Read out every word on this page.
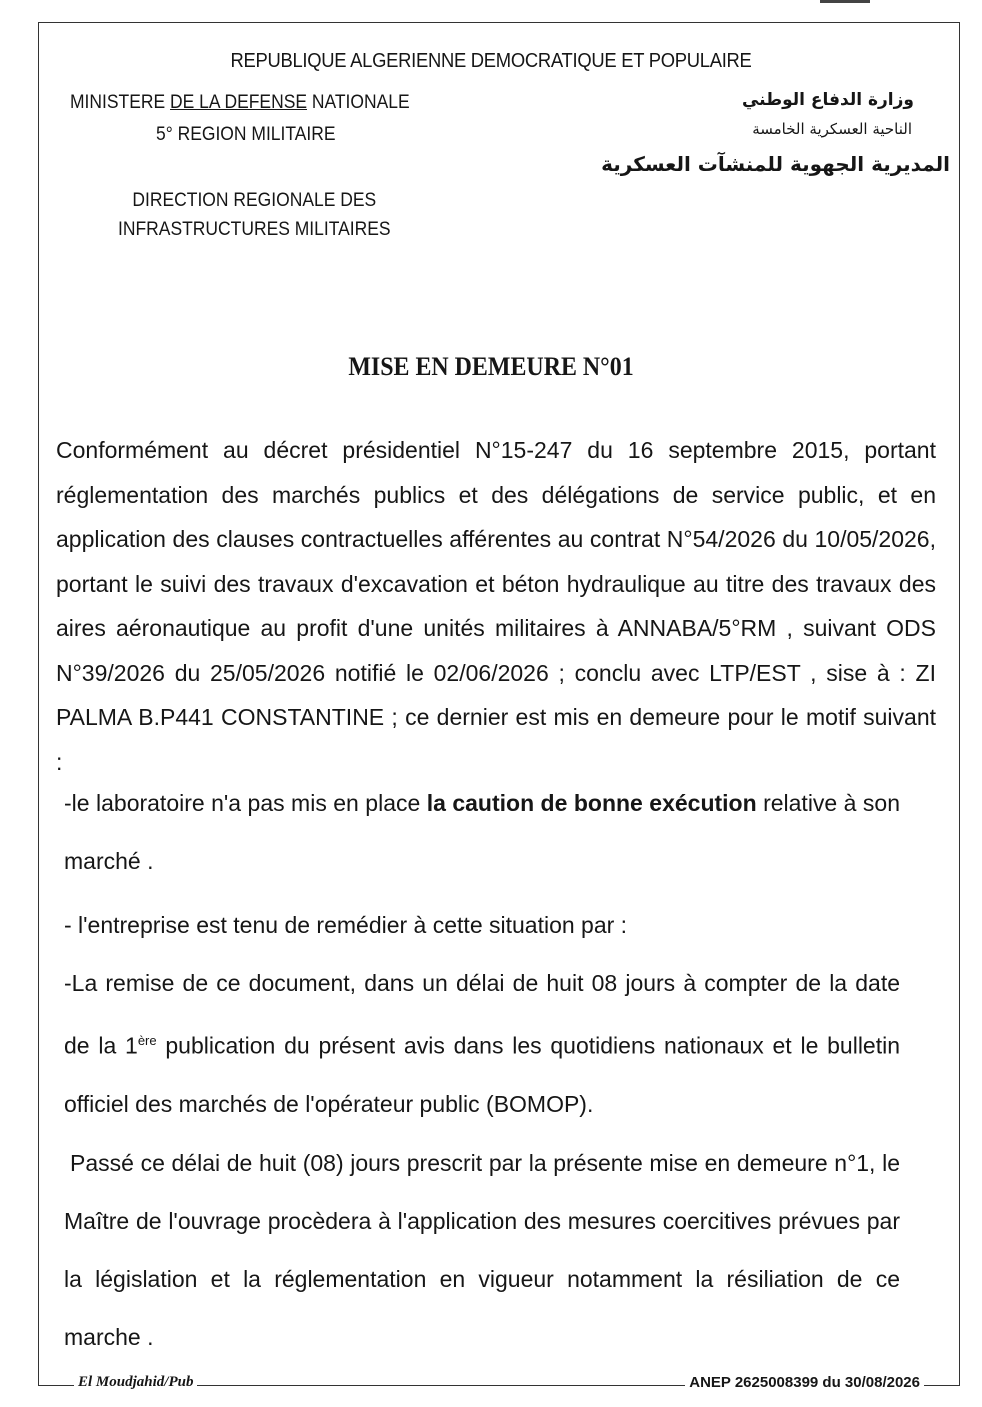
REPUBLIQUE ALGERIENNE DEMOCRATIQUE ET POPULAIRE
MINISTERE DE LA DEFENSE NATIONALE
5° REGION MILITAIRE
DIRECTION REGIONALE DES
INFRASTRUCTURES MILITAIRES
وزارة الدفاع الوطني
الناحية العسكرية الخامسة
المديرية الجهوية للمنشآت العسكرية
MISE EN DEMEURE N°01

Conformément au décret présidentiel N°15-247 du 16 septembre 2015, portant réglementation des marchés publics et des délégations de service public, et en application des clauses contractuelles afférentes au contrat N°54/2026 du 10/05/2026, portant le suivi des travaux d'excavation et béton hydraulique au titre des travaux des aires aéronautique au profit d'une unités militaires à ANNABA/5°RM , suivant ODS N°39/2026 du 25/05/2026 notifié le 02/06/2026 ; conclu avec LTP/EST , sise à : ZI PALMA B.P441 CONSTANTINE ; ce dernier est mis en demeure pour le motif suivant :

-le laboratoire n'a pas mis en place la caution de bonne exécution relative à son marché .

- l'entreprise est tenu de remédier à cette situation par :

-La remise de ce document, dans un délai de huit 08 jours à compter de la date de la 1ère publication du présent avis dans les quotidiens nationaux et le bulletin officiel des marchés de l'opérateur public (BOMOP).

Passé ce délai de huit (08) jours prescrit par la présente mise en demeure n°1, le Maître de l'ouvrage procèdera à l'application des mesures coercitives prévues par la législation et la réglementation en vigueur notamment la résiliation de ce marche .

El Moudjahid/Pub	ANEP 2625008399 du 30/08/2026
